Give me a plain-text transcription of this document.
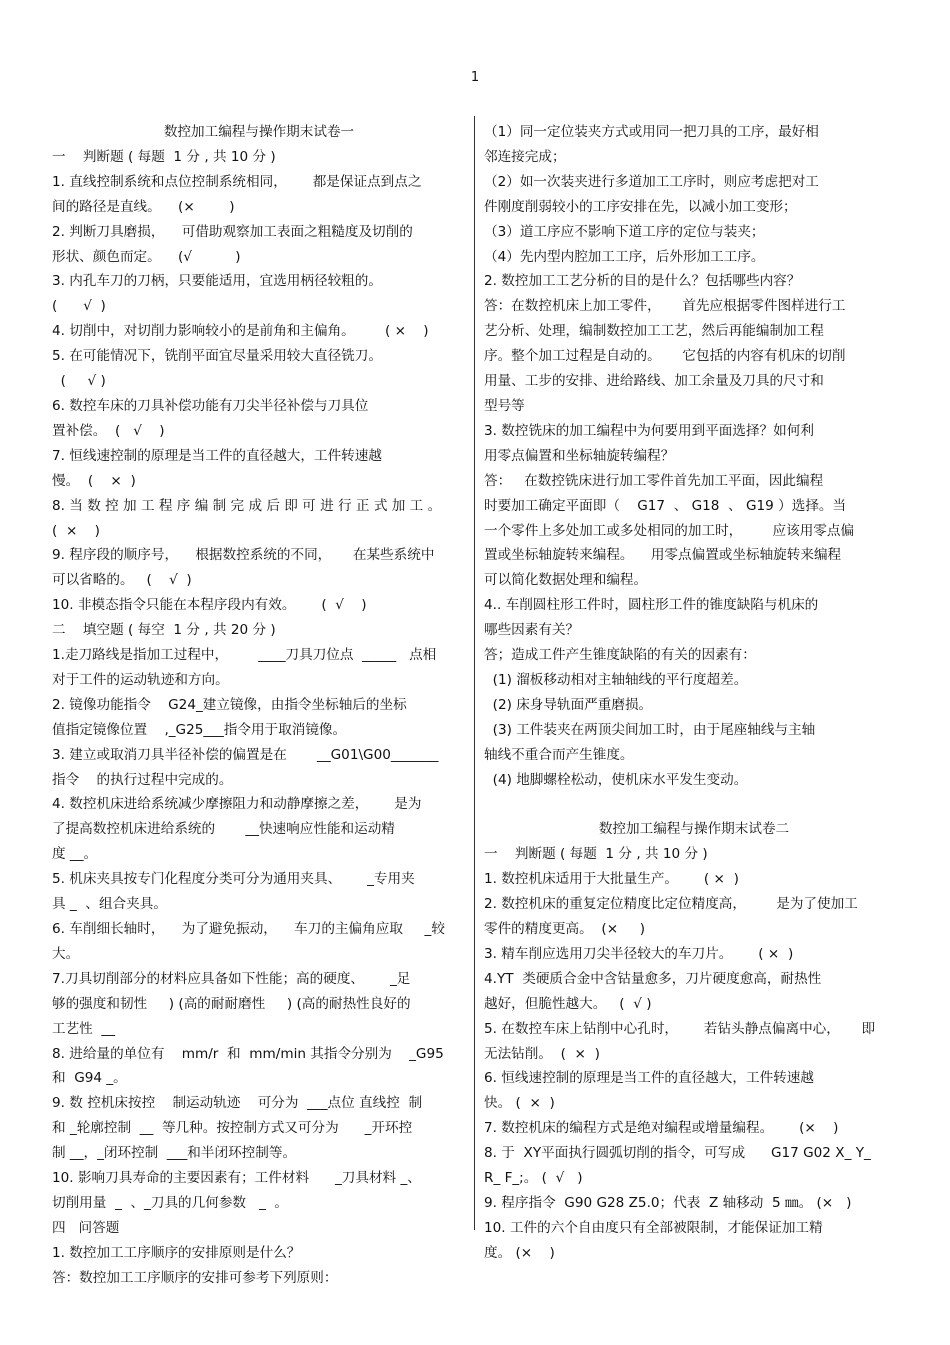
1
数控加工编程与操作期末试卷一
一    判断题 ( 每题  1 分 , 共 10 分 )
1. 直线控制系统和点位控制系统相同，      都是保证点到点之
间的路径是直线。    (×        )
2. 判断刀具磨损，    可借助观察加工表面之粗糙度及切削的
形状、颜色而定。    (√          )
3. 内孔车刀的刀柄，只要能适用，宜选用柄径较粗的。
(      √  )
4. 切削中，对切削力影响较小的是前角和主偏角。       ( ×    )
5. 在可能情况下，铣削平面宜尽量采用较大直径铣刀。
(     √ )
6. 数控车床的刀具补偿功能有刀尖半径补偿与刀具位
置补偿。  (   √    )
7. 恒线速控制的原理是当工件的直径越大，工件转速越
慢。  (    ×  )
8. 当 数 控 加 工 程 序 编 制 完 成 后 即 可 进 行 正 式 加 工 。
(  ×    )
9. 程序段的顺序号，    根据数控系统的不同，     在某些系统中
可以省略的。   (    √  )
10. 非模态指令只能在本程序段内有效。      (  √    )
二    填空题 ( 每空  1 分 , 共 20 分 )
1.走刀路线是指加工过程中，       ____刀具刀位点  _____   点相
对于工件的运动轨迹和方向。
2. 镜像功能指令    G24_建立镜像，由指令坐标轴后的坐标
值指定镜像位置    ,_G25___指令用于取消镜像。
3. 建立或取消刀具半径补偿的偏置是在       __G01\G00_______
指令    的执行过程中完成的。
4. 数控机床进给系统减少摩擦阻力和动静摩擦之差，      是为
了提高数控机床进给系统的       __快速响应性能和运动精
度 __。
5. 机床夹具按专门化程度分类可分为通用夹具、      _专用夹
具 _  、组合夹具。
6. 车削细长轴时，    为了避免振动，    车刀的主偏角应取     _较
大。
7.刀具切削部分的材料应具备如下性能；高的硬度、      _足
够的强度和韧性     ) (高的耐耐磨性     ) (高的耐热性良好的
工艺性  __
8. 进给量的单位有    mm/r  和  mm/min 其指令分别为    _G95
和  G94 _。
9. 数 控机床按控    制运动轨迹    可分为  ___点位 直线控  制
和 _轮廓控制  __  等几种。按控制方式又可分为      _开环控
制 __，_闭环控制  ___和半闭环控制等。
10. 影响刀具寿命的主要因素有；工件材料      _刀具材料 _、
切削用量  _  、_刀具的几何参数   _  。
四   问答题
1. 数控加工工序顺序的安排原则是什么？
答：数控加工工序顺序的安排可参考下列原则：
（1）同一定位装夹方式或用同一把刀具的工序，最好相
邻连接完成；
（2）如一次装夹进行多道加工工序时，则应考虑把对工
件刚度削弱较小的工序安排在先，以减小加工变形；
（3）道工序应不影响下道工序的定位与装夹；
（4）先内型内腔加工工序，后外形加工工序。
2. 数控加工工艺分析的目的是什么？包括哪些内容？
答：在数控机床上加工零件，     首先应根据零件图样进行工
艺分析、处理，编制数控加工工艺，然后再能编制加工程
序。整个加工过程是自动的。     它包括的内容有机床的切削
用量、工步的安排、进给路线、加工余量及刀具的尺寸和
型号等
3. 数控铣床的加工编程中为何要用到平面选择？如何利
用零点偏置和坐标轴旋转编程？
答：   在数控铣床进行加工零件首先加工平面，因此编程
时要加工确定平面即（    G17  、 G18  、 G19 ）选择。当
一个零件上多处加工或多处相同的加工时，       应该用零点偏
置或坐标轴旋转来编程。    用零点偏置或坐标轴旋转来编程
可以简化数据处理和编程。
4.. 车削圆柱形工件时，圆柱形工件的锥度缺陷与机床的
哪些因素有关？
答；造成工件产生锥度缺陷的有关的因素有：
(1) 溜板移动相对主轴轴线的平行度超差。
(2) 床身导轨面严重磨损。
(3) 工件装夹在两顶尖间加工时，由于尾座轴线与主轴
轴线不重合而产生锥度。
(4) 地脚螺栓松动，使机床水平发生变动。
数控加工编程与操作期末试卷二
一    判断题 ( 每题  1 分 , 共 10 分 )
1. 数控机床适用于大批量生产。      ( ×  )
2. 数控机床的重复定位精度比定位精度高，       是为了使加工
零件的精度更高。  (×     )
3. 精车削应选用刀尖半径较大的车刀片。      ( ×  )
4.YT  类硬质合金中含钴量愈多，刀片硬度愈高，耐热性
越好，但脆性越大。   (  √ )
5. 在数控车床上钻削中心孔时，      若钻头静点偏离中心，     即
无法钻削。  (  ×  )
6. 恒线速控制的原理是当工件的直径越大，工件转速越
快。 (  ×  )
7. 数控机床的编程方式是绝对编程或增量编程。      (×    )
8. 于  XY平面执行圆弧切削的指令，可写成      G17 G02 X_ Y_
R_ F_;。 (  √   )
9. 程序指令  G90 G28 Z5.0；代表  Z 轴移动  5 ㎜。 (×   )
10. 工件的六个自由度只有全部被限制，才能保证加工精
度。 (×    )
